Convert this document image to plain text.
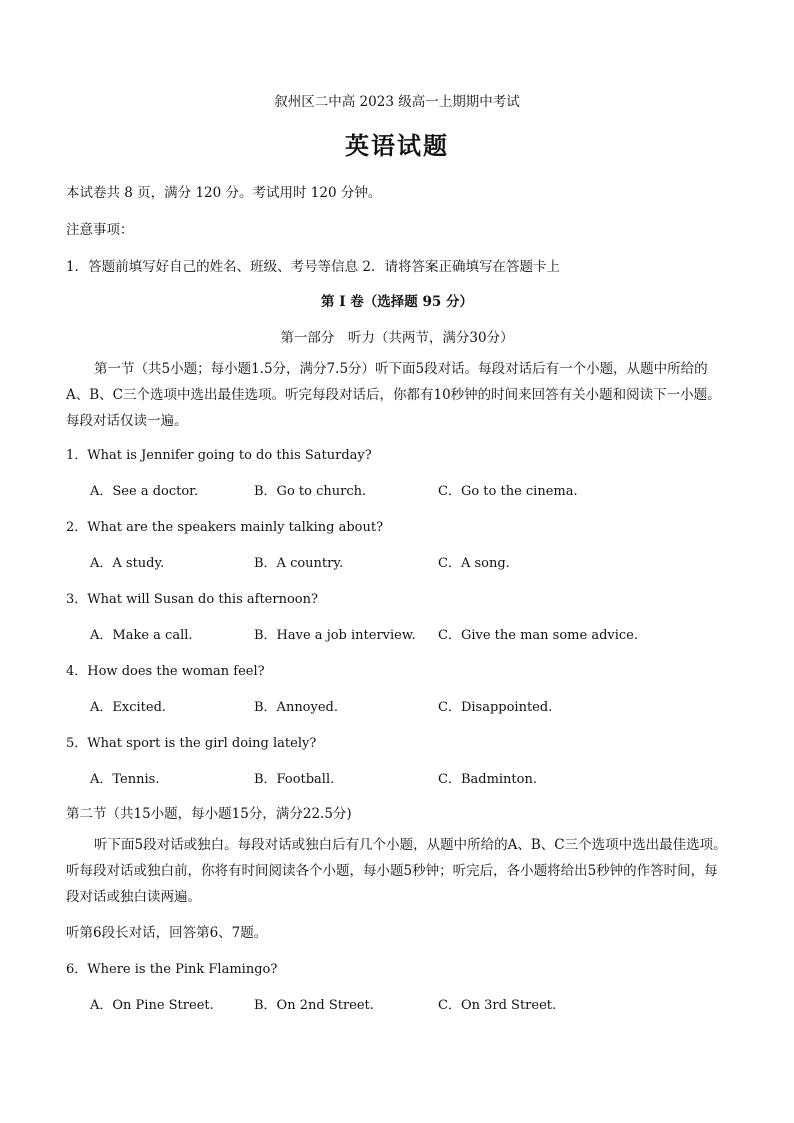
叙州区二中高 2023 级高一上期期中考试
英语试题
本试卷共 8 页，满分 120 分。考试用时 120 分钟。
注意事项：
1．答题前填写好自己的姓名、班级、考号等信息 2．请将答案正确填写在答题卡上
第 I 卷（选择题 95 分）
第一部分　听力（共两节，满分30分）
第一节（共5小题；每小题1.5分，满分7.5分）听下面5段对话。每段对话后有一个小题，从题中所给的A、B、C三个选项中选出最佳选项。听完每段对话后，你都有10秒钟的时间来回答有关小题和阅读下一小题。每段对话仅读一遍。
1．What is Jennifer going to do this Saturday?
A．See a doctor.	B．Go to church.	C．Go to the cinema.
2．What are the speakers mainly talking about?
A．A study.	B．A country.	C．A song.
3．What will Susan do this afternoon?
A．Make a call.	B．Have a job interview. C．Give the man some advice.
4．How does the woman feel?
A．Excited.	B．Annoyed.	C．Disappointed.
5．What sport is the girl doing lately?
A．Tennis.	B．Football.	C．Badminton.
第二节（共15小题，每小题15分，满分22.5分)
听下面5段对话或独白。每段对话或独白后有几个小题，从题中所给的A、B、C三个选项中选出最佳选项。听每段对话或独白前，你将有时间阅读各个小题，每小题5秒钟；听完后，各小题将给出5秒钟的作答时间，每段对话或独白读两遍。
听第6段长对话，回答第6、7题。
6．Where is the Pink Flamingo?
A．On Pine Street.	B．On 2nd Street.	C．On 3rd Street.
